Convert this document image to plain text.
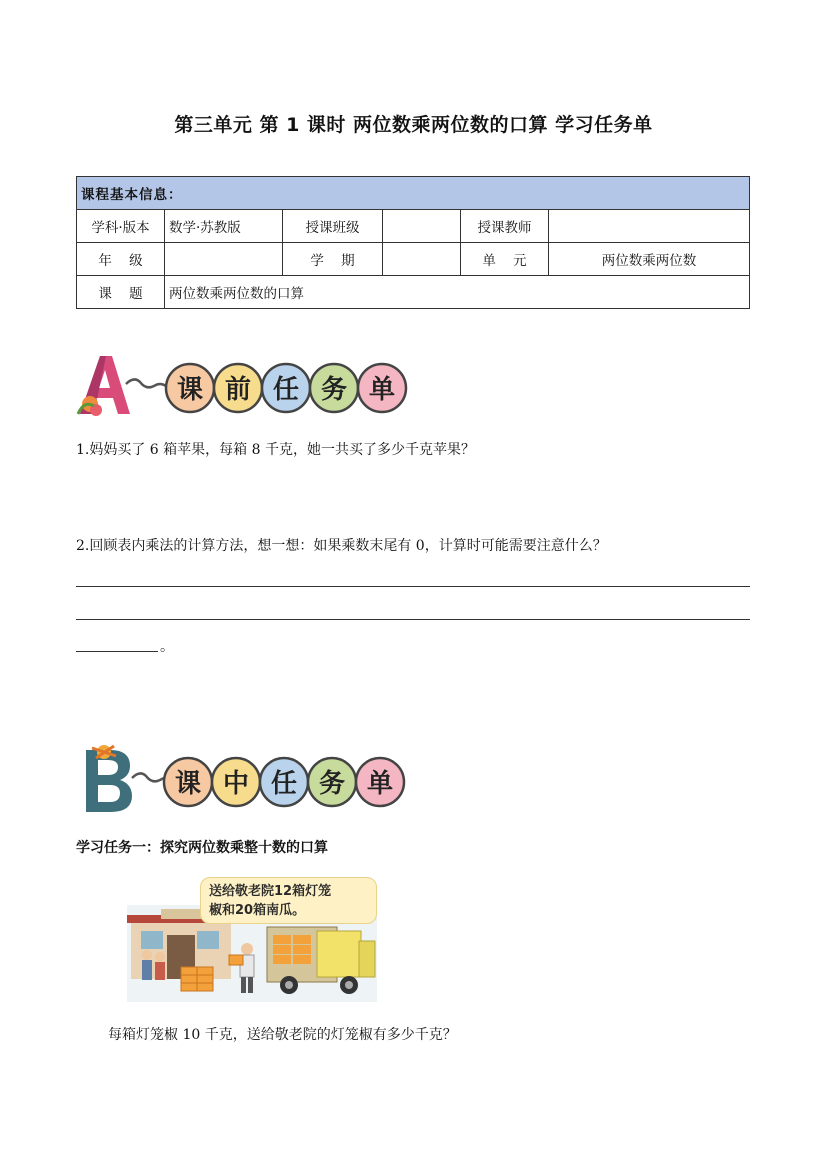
第三单元 第 1 课时 两位数乘两位数的口算 学习任务单
课程基本信息：					
学科·版本	数学·苏教版	授课班级		授课教师	
年    级		学    期		单    元	两位数乘两位数
课    题	两位数乘两位数的口算				
课 前 任 务 单
1.妈妈买了 6 箱苹果，每箱 8 千克，她一共买了多少千克苹果？
2.回顾表内乘法的计算方法，想一想：如果乘数末尾有 0，计算时可能需要注意什么？
。
课 中 任 务 单
学习任务一：探究两位数乘整十数的口算
送给敬老院12箱灯笼
椒和20箱南瓜。
每箱灯笼椒 10 千克，送给敬老院的灯笼椒有多少千克？
